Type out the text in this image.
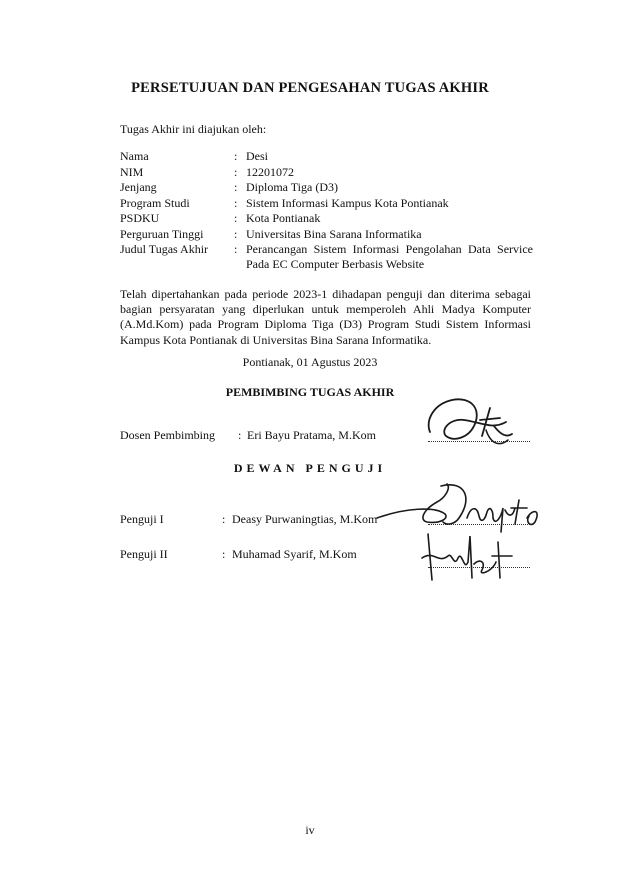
PERSETUJUAN DAN PENGESAHAN TUGAS AKHIR
Tugas Akhir ini diajukan oleh:
Nama	: Desi
NIM	: 12201072
Jenjang	: Diploma Tiga (D3)
Program Studi	: Sistem Informasi Kampus Kota Pontianak
PSDKU	: Kota Pontianak
Perguruan Tinggi	: Universitas Bina Sarana Informatika
Judul Tugas Akhir	: Perancangan Sistem Informasi Pengolahan Data Service Pada EC Computer Berbasis Website
Telah dipertahankan pada periode 2023-1 dihadapan penguji dan diterima sebagai bagian persyaratan yang diperlukan untuk memperoleh Ahli Madya Komputer (A.Md.Kom) pada Program Diploma Tiga (D3) Program Studi Sistem Informasi Kampus Kota Pontianak di Universitas Bina Sarana Informatika.
Pontianak, 01 Agustus 2023
PEMBIMBING TUGAS AKHIR
Dosen Pembimbing : Eri Bayu Pratama, M.Kom
DEWAN PENGUJI
Penguji I	: Deasy Purwaningtias, M.Kom
Penguji II	: Muhamad Syarif, M.Kom
iv
